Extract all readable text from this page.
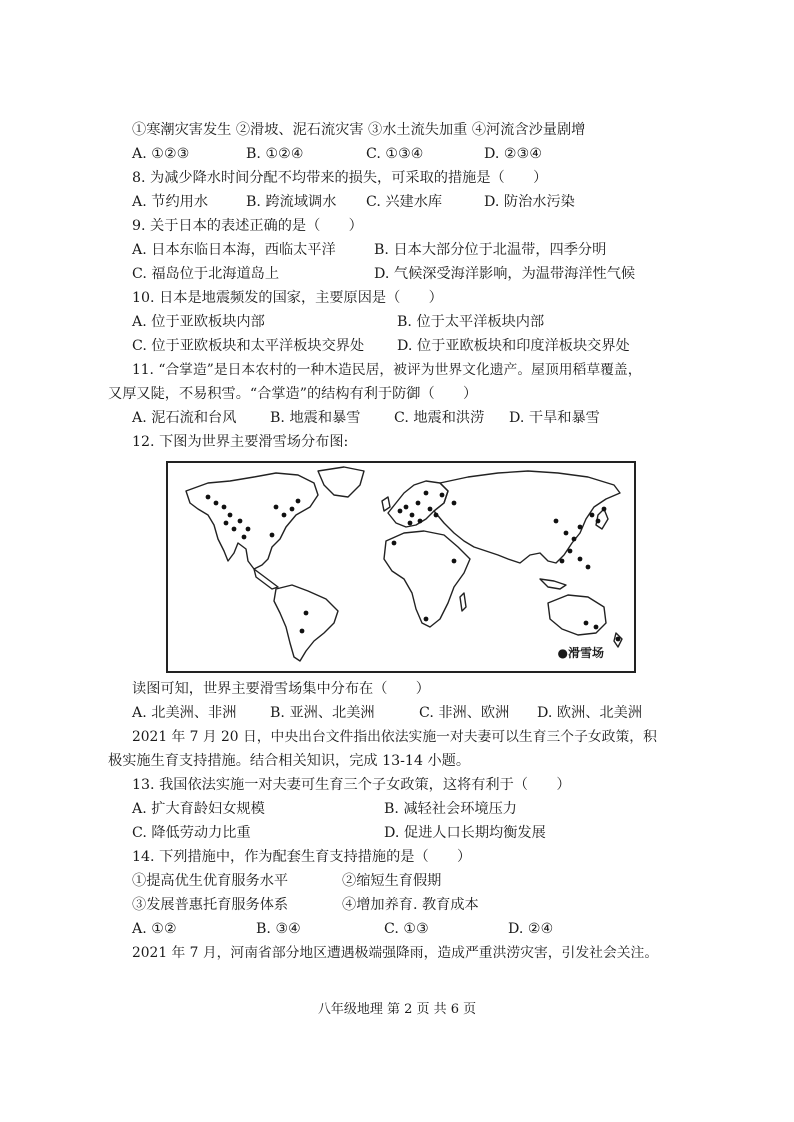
①寒潮灾害发生 ②滑坡、泥石流灾害 ③水土流失加重 ④河流含沙量剧增
A. ①②③	B. ①②④	C. ①③④	D. ②③④
8. 为减少降水时间分配不均带来的损失，可采取的措施是（　　）
A. 节约用水	B. 跨流域调水 C. 兴建水库	D. 防治水污染
9. 关于日本的表述正确的是（　　）
A. 日本东临日本海，西临太平洋	B. 日本大部分位于北温带，四季分明
C. 福岛位于北海道岛上	D. 气候深受海洋影响，为温带海洋性气候
10. 日本是地震频发的国家，主要原因是（　　）
A. 位于亚欧板块内部	B. 位于太平洋板块内部
C. 位于亚欧板块和太平洋板块交界处 D. 位于亚欧板块和印度洋板块交界处
11. “合掌造”是日本农村的一种木造民居，被评为世界文化遗产。屋顶用稻草覆盖，
又厚又陡，不易积雪。“合掌造”的结构有利于防御（　　）
A. 泥石流和台风 B. 地震和暴雪 C. 地震和洪涝 D. 干旱和暴雪
12. 下图为世界主要滑雪场分布图:
●滑雪场
读图可知，世界主要滑雪场集中分布在（　　）
A. 北美洲、非洲 B. 亚洲、北美洲	C. 非洲、欧洲 D. 欧洲、北美洲
2021 年 7 月 20 日，中央出台文件指出依法实施一对夫妻可以生育三个子女政策，积
极实施生育支持措施。结合相关知识，完成 13-14 小题。
13. 我国依法实施一对夫妻可生育三个子女政策，这将有利于（　　）
A. 扩大育龄妇女规模	B. 减轻社会环境压力
C. 降低劳动力比重	D. 促进人口长期均衡发展
14. 下列措施中，作为配套生育支持措施的是（　　）
①提高优生优育服务水平	②缩短生育假期
③发展普惠托育服务体系	④增加养育. 教育成本
A. ①②	B. ③④	C. ①③	D. ②④
2021 年 7 月，河南省部分地区遭遇极端强降雨，造成严重洪涝灾害，引发社会关注。
八年级地理 第 2 页 共 6 页
